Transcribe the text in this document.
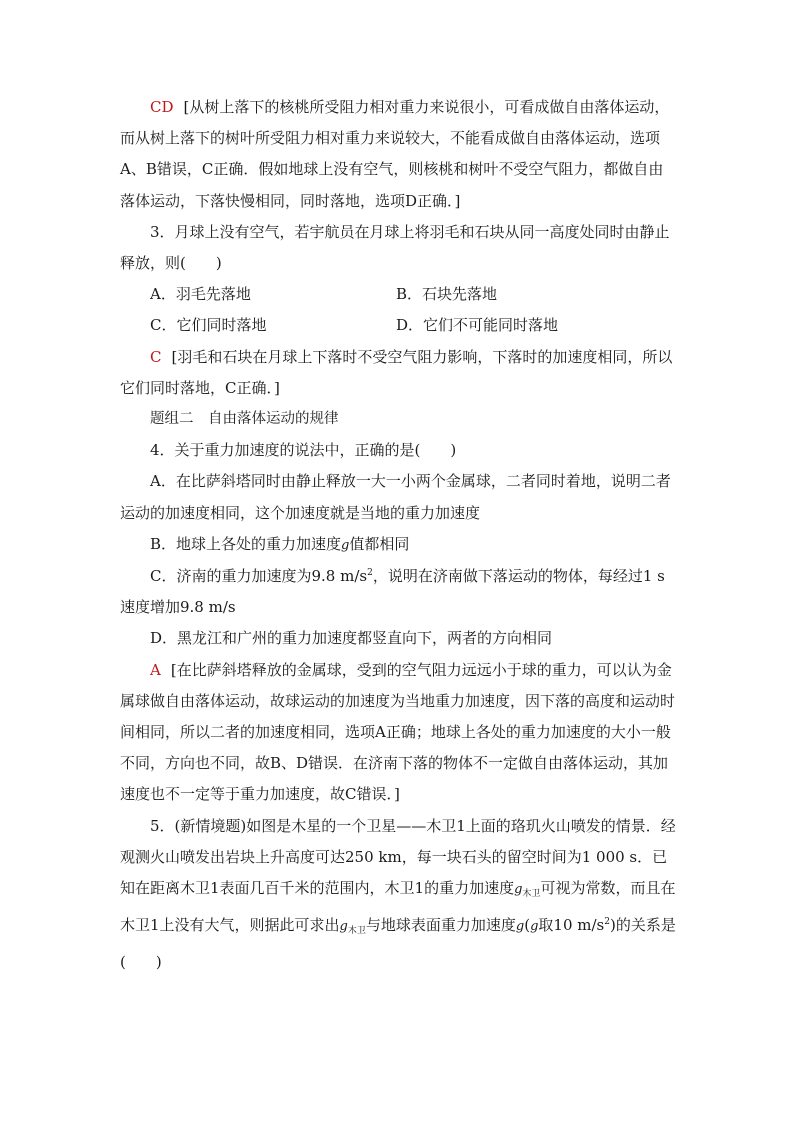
CD [从树上落下的核桃所受阻力相对重力来说很小，可看成做自由落体运动，而从树上落下的树叶所受阻力相对重力来说较大，不能看成做自由落体运动，选项A、B错误，C正确．假如地球上没有空气，则核桃和树叶不受空气阻力，都做自由落体运动，下落快慢相同，同时落地，选项D正确．]

3．月球上没有空气，若宇航员在月球上将羽毛和石块从同一高度处同时由静止释放，则(　　)

A．羽毛先落地	B．石块先落地
C．它们同时落地	D．它们不可能同时落地

C [羽毛和石块在月球上下落时不受空气阻力影响，下落时的加速度相同，所以它们同时落地，C正确．]

题组二　自由落体运动的规律

4．关于重力加速度的说法中，正确的是(　　)

A．在比萨斜塔同时由静止释放一大一小两个金属球，二者同时着地，说明二者运动的加速度相同，这个加速度就是当地的重力加速度

B．地球上各处的重力加速度g值都相同

C．济南的重力加速度为9.8 $m/s^2$，说明在济南做下落运动的物体，每经过1 s速度增加9.8 m/s

D．黑龙江和广州的重力加速度都竖直向下，两者的方向相同

A [在比萨斜塔释放的金属球，受到的空气阻力远远小于球的重力，可以认为金属球做自由落体运动，故球运动的加速度为当地重力加速度，因下落的高度和运动时间相同，所以二者的加速度相同，选项A正确；地球上各处的重力加速度的大小一般不同，方向也不同，故B、D错误．在济南下落的物体不一定做自由落体运动，其加速度也不一定等于重力加速度，故C错误．]

5．(新情境题)如图是木星的一个卫星——木卫1上面的珞玑火山喷发的情景．经观测火山喷发出岩块上升高度可达250 km，每一块石头的留空时间为1 000 s．已知在距离木卫1表面几百千米的范围内，木卫1的重力加速度$g_{木卫}$可视为常数，而且在木卫1上没有大气，则据此可求出$g_{木卫}$与地球表面重力加速度g(g取10 $m/s^2$)的关系是(　　)
